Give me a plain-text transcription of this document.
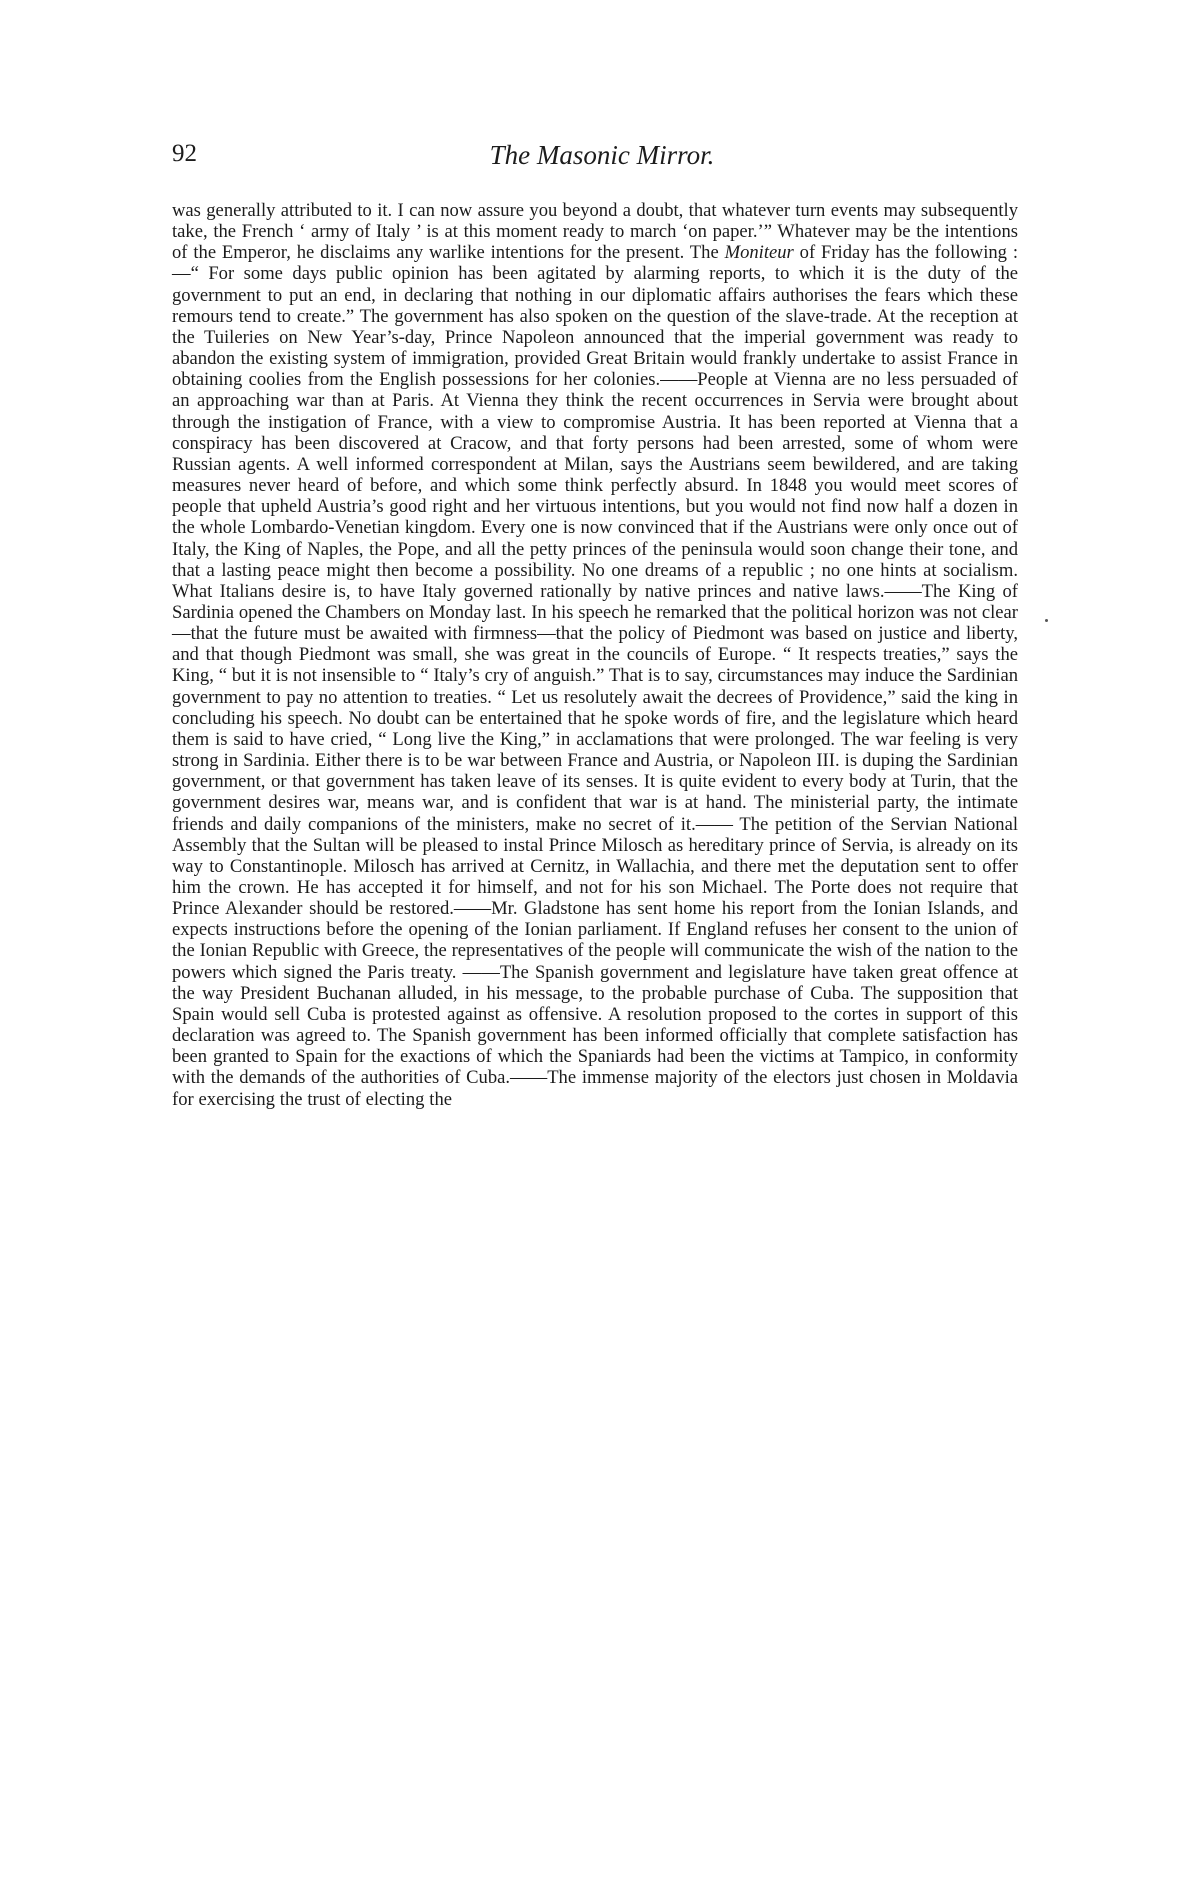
92	The Masonic Mirror.

was generally attributed to it. I can now assure you beyond a doubt, that whatever turn events may subsequently take, the French ‘ army of Italy ’ is at this moment ready to march ‘on paper.’” Whatever may be the intentions of the Emperor, he disclaims any warlike intentions for the present. The Moniteur of Friday has the following :—“ For some days public opinion has been agitated by alarming reports, to which it is the duty of the government to put an end, in declaring that nothing in our diplomatic affairs authorises the fears which these remours tend to create.” The government has also spoken on the question of the slave-trade. At the reception at the Tuileries on New Year’s-day, Prince Napoleon announced that the imperial government was ready to abandon the existing system of immigration, provided Great Britain would frankly undertake to assist France in obtaining coolies from the English possessions for her colonies.——People at Vienna are no less persuaded of an approaching war than at Paris. At Vienna they think the recent occurrences in Servia were brought about through the instigation of France, with a view to compromise Austria. It has been reported at Vienna that a conspiracy has been discovered at Cracow, and that forty persons had been arrested, some of whom were Russian agents. A well informed correspondent at Milan, says the Austrians seem bewildered, and are taking measures never heard of before, and which some think perfectly absurd. In 1848 you would meet scores of people that upheld Austria’s good right and her virtuous intentions, but you would not find now half a dozen in the whole Lombardo-Venetian kingdom. Every one is now convinced that if the Austrians were only once out of Italy, the King of Naples, the Pope, and all the petty princes of the peninsula would soon change their tone, and that a lasting peace might then become a possibility. No one dreams of a republic ; no one hints at socialism. What Italians desire is, to have Italy governed rationally by native princes and native laws.——The King of Sardinia opened the Chambers on Monday last. In his speech he remarked that the political horizon was not clear—that the future must be awaited with firmness—that the policy of Piedmont was based on justice and liberty, and that though Piedmont was small, she was great in the councils of Europe. “ It respects treaties,” says the King, “ but it is not insensible to “ Italy’s cry of anguish.” That is to say, circumstances may induce the Sardinian government to pay no attention to treaties. “ Let us resolutely await the decrees of Providence,” said the king in concluding his speech. No doubt can be entertained that he spoke words of fire, and the legislature which heard them is said to have cried, “ Long live the King,” in acclamations that were prolonged. The war feeling is very strong in Sardinia. Either there is to be war between France and Austria, or Napoleon III. is duping the Sardinian government, or that government has taken leave of its senses. It is quite evident to every body at Turin, that the government desires war, means war, and is confident that war is at hand. The ministerial party, the intimate friends and daily companions of the ministers, make no secret of it.—— The petition of the Servian National Assembly that the Sultan will be pleased to instal Prince Milosch as hereditary prince of Servia, is already on its way to Constantinople. Milosch has arrived at Cernitz, in Wallachia, and there met the deputation sent to offer him the crown. He has accepted it for himself, and not for his son Michael. The Porte does not require that Prince Alexander should be restored.——Mr. Gladstone has sent home his report from the Ionian Islands, and expects instructions before the opening of the Ionian parliament. If England refuses her consent to the union of the Ionian Republic with Greece, the representatives of the people will communicate the wish of the nation to the powers which signed the Paris treaty. ——The Spanish government and legislature have taken great offence at the way President Buchanan alluded, in his message, to the probable purchase of Cuba. The supposition that Spain would sell Cuba is protested against as offensive. A resolution proposed to the cortes in support of this declaration was agreed to. The Spanish government has been informed officially that complete satisfaction has been granted to Spain for the exactions of which the Spaniards had been the victims at Tampico, in conformity with the demands of the authorities of Cuba.——The immense majority of the electors just chosen in Moldavia for exercising the trust of electing the
